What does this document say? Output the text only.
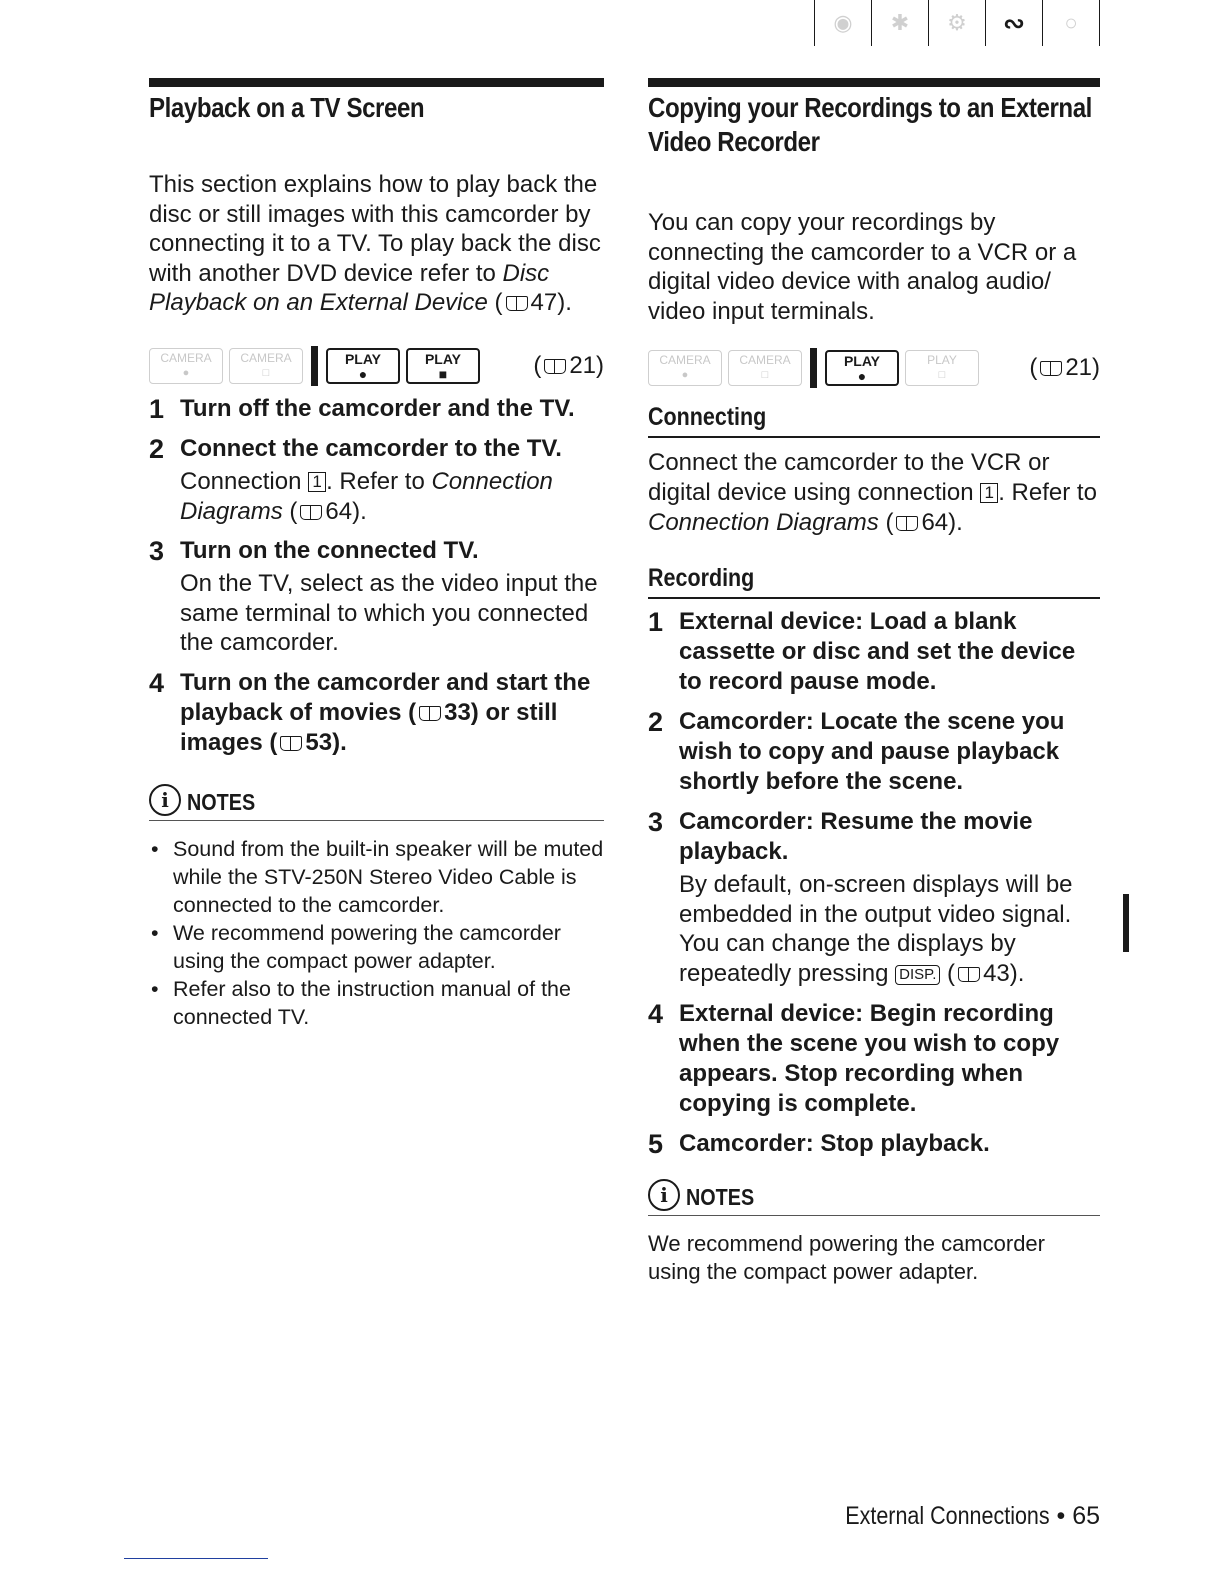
◉	✱	⚙	∾	○
Playback on a TV Screen
This section explains how to play back the disc or still images with this camcorder by connecting it to a TV. To play back the disc with another DVD device refer to Disc Playback on an External Device ( 47).
CAMERA
●
CAMERA
□
PLAY
●
PLAY
■	( 21)
1 Turn off the camcorder and the TV.
2 Connect the camcorder to the TV.
Connection 1 . Refer to Connection Diagrams ( 64).
3 Turn on the connected TV.
On the TV, select as the video input the same terminal to which you connected the camcorder.
4 Turn on the camcorder and start the playback of movies ( 33) or still images ( 53).
i NOTES
• Sound from the built-in speaker will be muted while the STV-250N Stereo Video Cable is connected to the camcorder.
• We recommend powering the camcorder using the compact power adapter.
• Refer also to the instruction manual of the connected TV.
Copying your Recordings to an External Video Recorder
You can copy your recordings by connecting the camcorder to a VCR or a digital video device with analog audio/ video input terminals.
CAMERA
●
CAMERA
□
PLAY
●
PLAY
□	( 21)
Connecting
Connect the camcorder to the VCR or digital device using connection 1 . Refer to Connection Diagrams ( 64).
Recording
1 External device: Load a blank cassette or disc and set the device to record pause mode.
2 Camcorder: Locate the scene you wish to copy and pause playback shortly before the scene.
3 Camcorder: Resume the movie playback.
By default, on-screen displays will be embedded in the output video signal. You can change the displays by repeatedly pressing DISP. ( 43).
4 External device: Begin recording when the scene you wish to copy appears. Stop recording when copying is complete.
5 Camcorder: Stop playback.
i NOTES
We recommend powering the camcorder using the compact power adapter.
External Connections • 65
